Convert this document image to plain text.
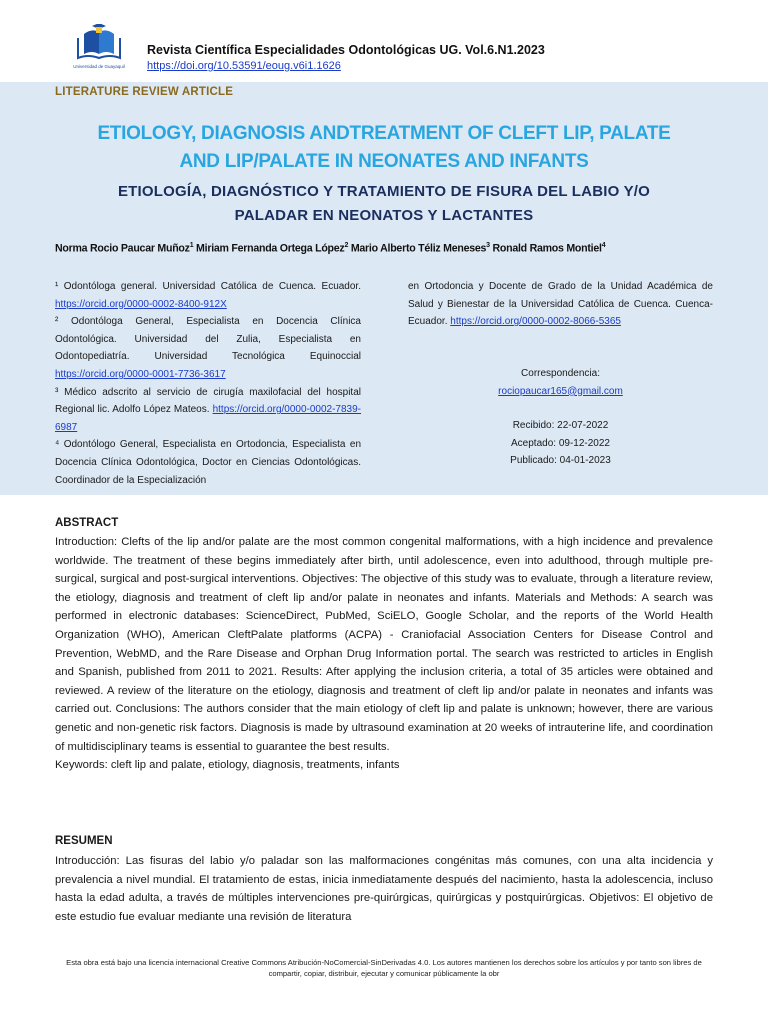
Universidad de Guayaquil
Revista Científica Especialidades Odontológicas UG. Vol.6.N1.2023
https://doi.org/10.53591/eoug.v6i1.1626
LITERATURE REVIEW ARTICLE
ETIOLOGY, DIAGNOSIS ANDTREATMENT OF CLEFT LIP, PALATE
AND LIP/PALATE IN NEONATES AND INFANTS
ETIOLOGÍA, DIAGNÓSTICO Y TRATAMIENTO DE FISURA DEL LABIO Y/O
PALADAR EN NEONATOS Y LACTANTES
Norma Rocio Paucar Muñoz$^1$ Miriam Fernanda Ortega López$^2$ Mario Alberto Téliz Meneses$^3$ Ronald Ramos Montiel$^4$

¹ Odontóloga general. Universidad Católica de Cuenca. Ecuador. https://orcid.org/0000-0002-8400-912X

² Odontóloga General, Especialista en Docencia Clínica Odontológica. Universidad del Zulia, Especialista en Odontopediatría. Universidad Tecnológica Equinoccial https://orcid.org/0000-0001-7736-3617

³ Médico adscrito al servicio de cirugía maxilofacial del hospital Regional lic. Adolfo López Mateos. https://orcid.org/0000-0002-7839-6987

⁴ Odontólogo General, Especialista en Ortodoncia, Especialista en Docencia Clínica Odontológica, Doctor en Ciencias Odontológicas. Coordinador de la Especialización

en Ortodoncia y Docente de Grado de la Unidad Académica de Salud y Bienestar de la Universidad Católica de Cuenca. Cuenca-Ecuador. https://orcid.org/0000-0002-8066-5365

Correspondencia:
rociopaucar165@gmail.com
Recibido: 22-07-2022
Aceptado: 09-12-2022
Publicado: 04-01-2023
ABSTRACT
Introduction: Clefts of the lip and/or palate are the most common congenital malformations, with a high incidence and prevalence worldwide. The treatment of these begins immediately after birth, until adolescence, even into adulthood, through multiple pre-surgical, surgical and post-surgical interventions. Objectives: The objective of this study was to evaluate, through a literature review, the etiology, diagnosis and treatment of cleft lip and/or palate in neonates and infants. Materials and Methods: A search was performed in electronic databases: ScienceDirect, PubMed, SciELO, Google Scholar, and the reports of the World Health Organization (WHO), American CleftPalate platforms (ACPA) - Craniofacial Association Centers for Disease Control and Prevention, WebMD, and the Rare Disease and Orphan Drug Information portal. The search was restricted to articles in English and Spanish, published from 2011 to 2021. Results: After applying the inclusion criteria, a total of 35 articles were obtained and reviewed. A review of the literature on the etiology, diagnosis and treatment of cleft lip and/or palate in neonates and infants was carried out. Conclusions: The authors consider that the main etiology of cleft lip and palate is unknown; however, there are various genetic and non-genetic risk factors. Diagnosis is made by ultrasound examination at 20 weeks of intrauterine life, and coordination of multidisciplinary teams is essential to guarantee the best results.
Keywords: cleft lip and palate, etiology, diagnosis, treatments, infants
RESUMEN
Introducción: Las fisuras del labio y/o paladar son las malformaciones congénitas más comunes, con una alta incidencia y prevalencia a nivel mundial. El tratamiento de estas, inicia inmediatamente después del nacimiento, hasta la adolescencia, incluso hasta la edad adulta, a través de múltiples intervenciones pre-quirúrgicas, quirúrgicas y postquirúrgicas. Objetivos: El objetivo de este estudio fue evaluar mediante una revisión de literatura
Esta obra está bajo una licencia internacional Creative Commons Atribución-NoComercial-SinDerivadas 4.0. Los autores mantienen los derechos sobre los artículos y por tanto son libres de compartir, copiar, distribuir, ejecutar y comunicar públicamente la obr
